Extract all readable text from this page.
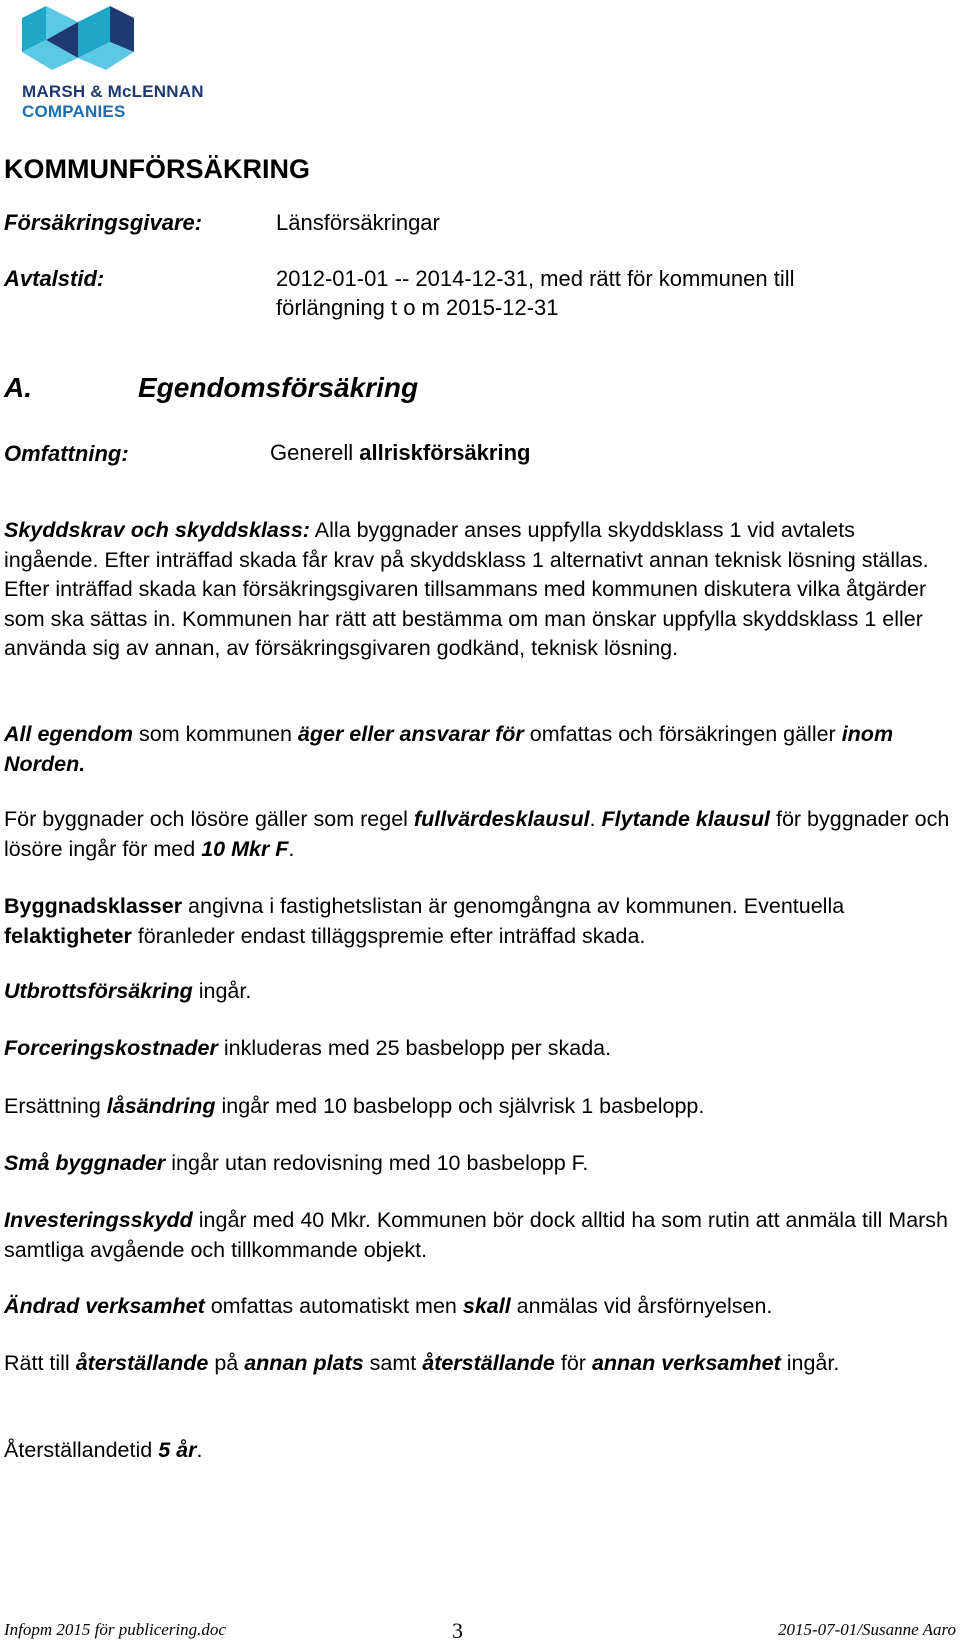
MARSH & McLENNAN
COMPANIES
KOMMUNFÖRSÄKRING
Försäkringsgivare:	Länsförsäkringar
Avtalstid:	2012-01-01 -- 2014-12-31, med rätt för kommunen till
förlängning t o m 2015-12-31
A.	Egendomsförsäkring
Omfattning:	Generell allriskförsäkring

Skyddskrav och skyddsklass: Alla byggnader anses uppfylla skyddsklass 1 vid avtalets ingående. Efter inträffad skada får krav på skyddsklass 1 alternativt annan teknisk lösning ställas. Efter inträffad skada kan försäkringsgivaren tillsammans med kommunen diskutera vilka åtgärder som ska sättas in. Kommunen har rätt att bestämma om man önskar uppfylla skyddsklass 1 eller använda sig av annan, av försäkringsgivaren godkänd, teknisk lösning.

All egendom som kommunen äger eller ansvarar för omfattas och försäkringen gäller inom Norden.

För byggnader och lösöre gäller som regel fullvärdesklausul. Flytande klausul för byggnader och lösöre ingår för med 10 Mkr F.

Byggnadsklasser angivna i fastighetslistan är genomgångna av kommunen. Eventuella felaktigheter föranleder endast tilläggspremie efter inträffad skada.

Utbrottsförsäkring ingår.

Forceringskostnader inkluderas med 25 basbelopp per skada.

Ersättning låsändring ingår med 10 basbelopp och självrisk 1 basbelopp.

Små byggnader ingår utan redovisning med 10 basbelopp F.

Investeringsskydd ingår med 40 Mkr. Kommunen bör dock alltid ha som rutin att anmäla till Marsh samtliga avgående och tillkommande objekt.

Ändrad verksamhet omfattas automatiskt men skall anmälas vid årsförnyelsen.

Rätt till återställande på annan plats samt återställande för annan verksamhet ingår.

Återställandetid 5 år.

Infopm 2015 för publicering.doc	3	2015-07-01/Susanne Aaro
